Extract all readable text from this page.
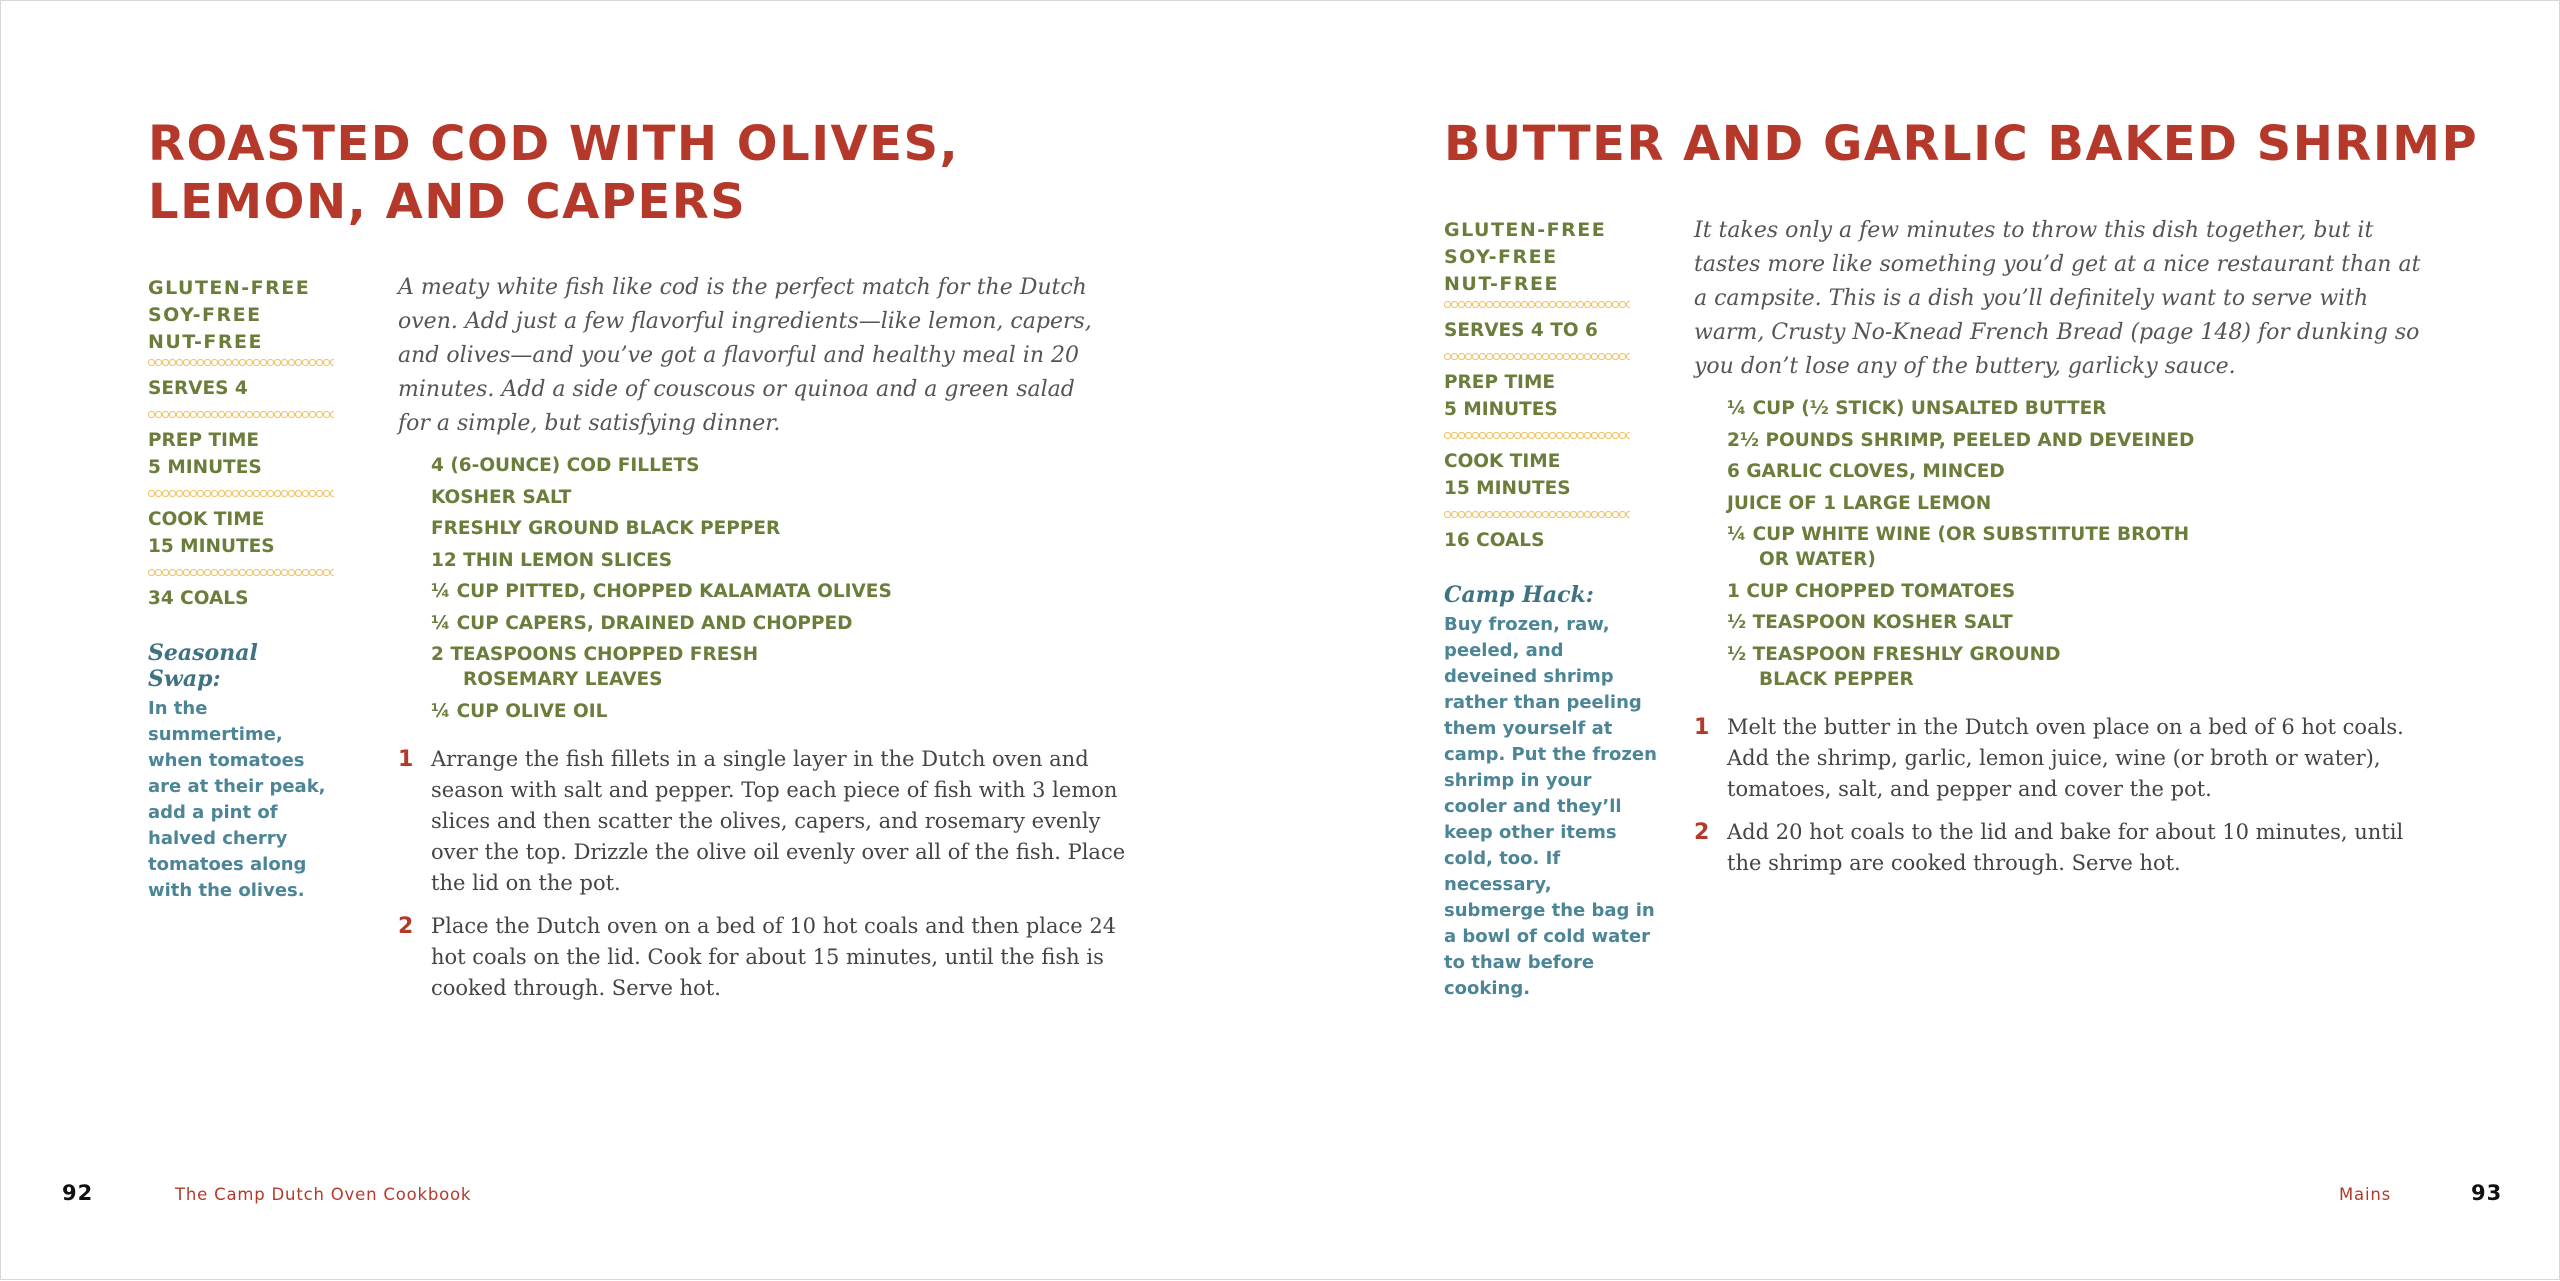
ROASTED COD WITH OLIVES,
LEMON, AND CAPERS
GLUTEN-FREE
SOY-FREE
NUT-FREE

SERVES 4

PREP TIME
5 MINUTES

COOK TIME
15 MINUTES

34 COALS

Seasonal Swap:
In the summertime, when tomatoes are at their peak, add a pint of halved cherry tomatoes along with the olives.

A meaty white fish like cod is the perfect match for the Dutch oven. Add just a few flavorful ingredients—like lemon, capers, and olives—and you’ve got a flavorful and healthy meal in 20 minutes. Add a side of couscous or quinoa and a green salad for a simple, but satisfying dinner.

4 (6-OUNCE) COD FILLETS
KOSHER SALT
FRESHLY GROUND BLACK PEPPER
12 THIN LEMON SLICES
¼ CUP PITTED, CHOPPED KALAMATA OLIVES
¼ CUP CAPERS, DRAINED AND CHOPPED
2 TEASPOONS CHOPPED FRESH ROSEMARY LEAVES
¼ CUP OLIVE OIL
1 Arrange the fish fillets in a single layer in the Dutch oven and season with salt and pepper. Top each piece of fish with 3 lemon slices and then scatter the olives, capers, and rosemary evenly over the top. Drizzle the olive oil evenly over all of the fish. Place the lid on the pot.
2 Place the Dutch oven on a bed of 10 hot coals and then place 24 hot coals on the lid. Cook for about 15 minutes, until the fish is cooked through. Serve hot.
92	The Camp Dutch Oven Cookbook
BUTTER AND GARLIC BAKED SHRIMP
GLUTEN-FREE
SOY-FREE
NUT-FREE

SERVES 4 TO 6

PREP TIME
5 MINUTES

COOK TIME
15 MINUTES

16 COALS

Camp Hack:
Buy frozen, raw, peeled, and deveined shrimp rather than peeling them yourself at camp. Put the frozen shrimp in your cooler and they’ll keep other items cold, too. If necessary, submerge the bag in a bowl of cold water to thaw before cooking.

It takes only a few minutes to throw this dish together, but it tastes more like something you’d get at a nice restaurant than at a campsite. This is a dish you’ll definitely want to serve with warm, Crusty No-Knead French Bread (page 148) for dunking so you don’t lose any of the buttery, garlicky sauce.

¼ CUP (½ STICK) UNSALTED BUTTER
2½ POUNDS SHRIMP, PEELED AND DEVEINED
6 GARLIC CLOVES, MINCED
JUICE OF 1 LARGE LEMON
¼ CUP WHITE WINE (OR SUBSTITUTE BROTH OR WATER)
1 CUP CHOPPED TOMATOES
½ TEASPOON KOSHER SALT
½ TEASPOON FRESHLY GROUND BLACK PEPPER
1 Melt the butter in the Dutch oven place on a bed of 6 hot coals. Add the shrimp, garlic, lemon juice, wine (or broth or water), tomatoes, salt, and pepper and cover the pot.
2 Add 20 hot coals to the lid and bake for about 10 minutes, until the shrimp are cooked through. Serve hot.
Mains	93
